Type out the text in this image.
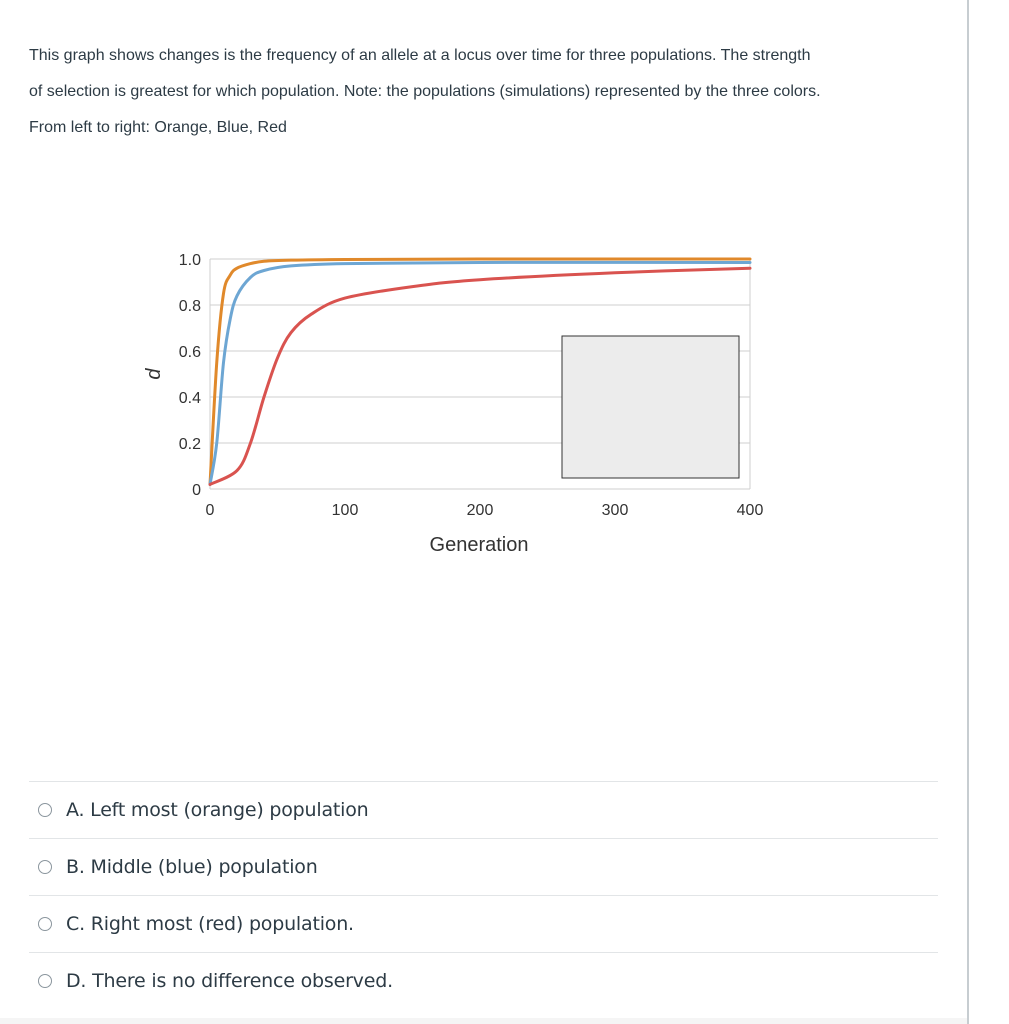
This graph shows changes is the frequency of an allele at a locus over time for three populations. The strength

of selection is greatest for which population. Note: the populations (simulations) represented by the three colors.

From left to right: Orange, Blue, Red

0
0.2
0.4
0.6
0.8
1.0
0	100	200	300	400
p
Generation
A. Left most (orange) population
B. Middle (blue) population
C. Right most (red) population.
D. There is no difference observed.
